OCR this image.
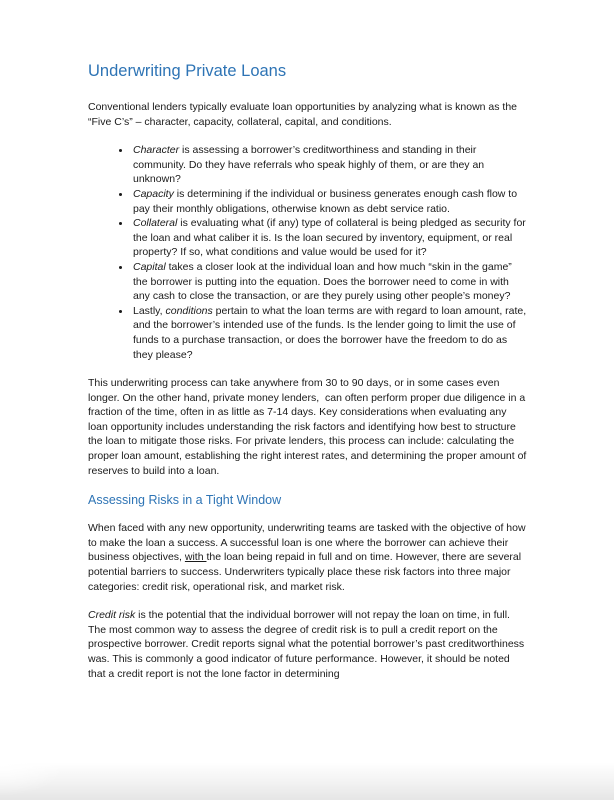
Underwriting Private Loans

Conventional lenders typically evaluate loan opportunities by analyzing what is known as the “Five C’s” – character, capacity, collateral, capital, and conditions.

• Character is assessing a borrower’s creditworthiness and standing in their community. Do they have referrals who speak highly of them, or are they an unknown?
• Capacity is determining if the individual or business generates enough cash flow to pay their monthly obligations, otherwise known as debt service ratio.
• Collateral is evaluating what (if any) type of collateral is being pledged as security for the loan and what caliber it is. Is the loan secured by inventory, equipment, or real property? If so, what conditions and value would be used for it?
• Capital takes a closer look at the individual loan and how much “skin in the game” the borrower is putting into the equation. Does the borrower need to come in with any cash to close the transaction, or are they purely using other people’s money?
• Lastly, conditions pertain to what the loan terms are with regard to loan amount, rate, and the borrower’s intended use of the funds. Is the lender going to limit the use of funds to a purchase transaction, or does the borrower have the freedom to do as they please?

This underwriting process can take anywhere from 30 to 90 days, or in some cases even longer. On the other hand, private money lenders,  can often perform proper due diligence in a fraction of the time, often in as little as 7-14 days. Key considerations when evaluating any loan opportunity includes understanding the risk factors and identifying how best to structure the loan to mitigate those risks. For private lenders, this process can include: calculating the proper loan amount, establishing the right interest rates, and determining the proper amount of reserves to build into a loan.

Assessing Risks in a Tight Window

When faced with any new opportunity, underwriting teams are tasked with the objective of how to make the loan a success. A successful loan is one where the borrower can achieve their business objectives, with the loan being repaid in full and on time. However, there are several potential barriers to success. Underwriters typically place these risk factors into three major categories: credit risk, operational risk, and market risk.

Credit risk is the potential that the individual borrower will not repay the loan on time, in full. The most common way to assess the degree of credit risk is to pull a credit report on the prospective borrower. Credit reports signal what the potential borrower’s past creditworthiness was. This is commonly a good indicator of future performance. However, it should be noted that a credit report is not the lone factor in determining
